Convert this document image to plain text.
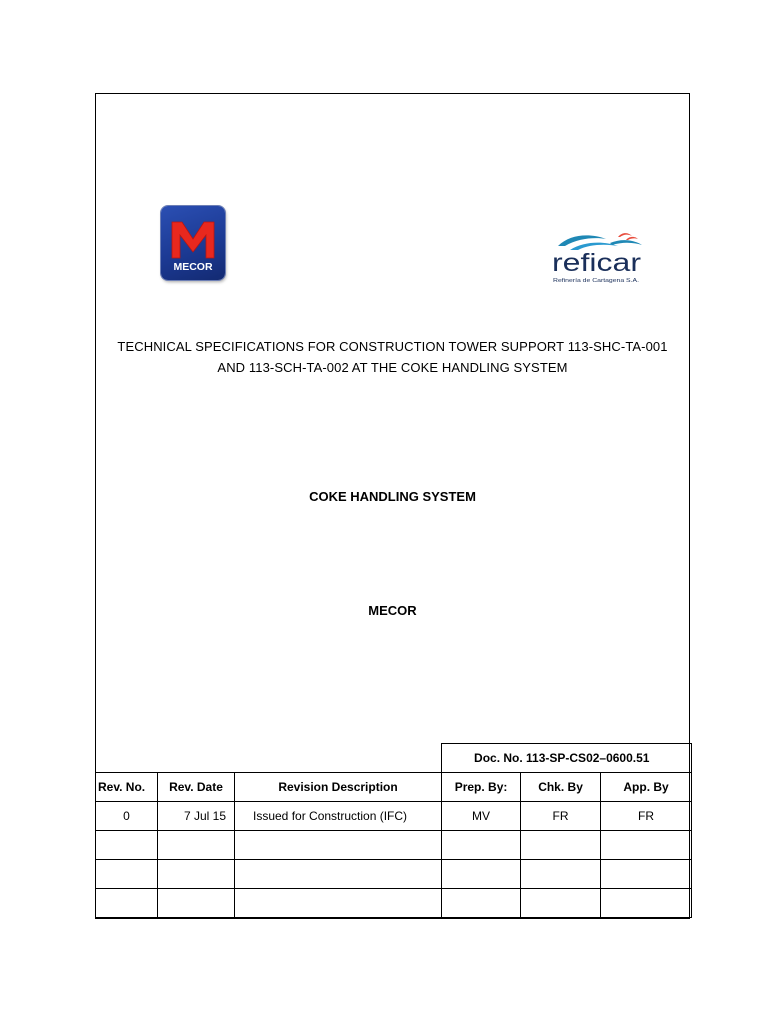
MECOR	reficar
Refinería de Cartagena S.A.
TECHNICAL SPECIFICATIONS FOR CONSTRUCTION TOWER SUPPORT 113-SHC-TA-001
AND 113-SCH-TA-002 AT THE COKE HANDLING SYSTEM
COKE HANDLING SYSTEM
MECOR
			Doc. No. 113-SP-CS02–0600.51		
Rev. No.	Rev. Date	Revision Description	Prep. By:	Chk. By	App. By
0	7 Jul 15	Issued for Construction (IFC)	MV	FR	FR
